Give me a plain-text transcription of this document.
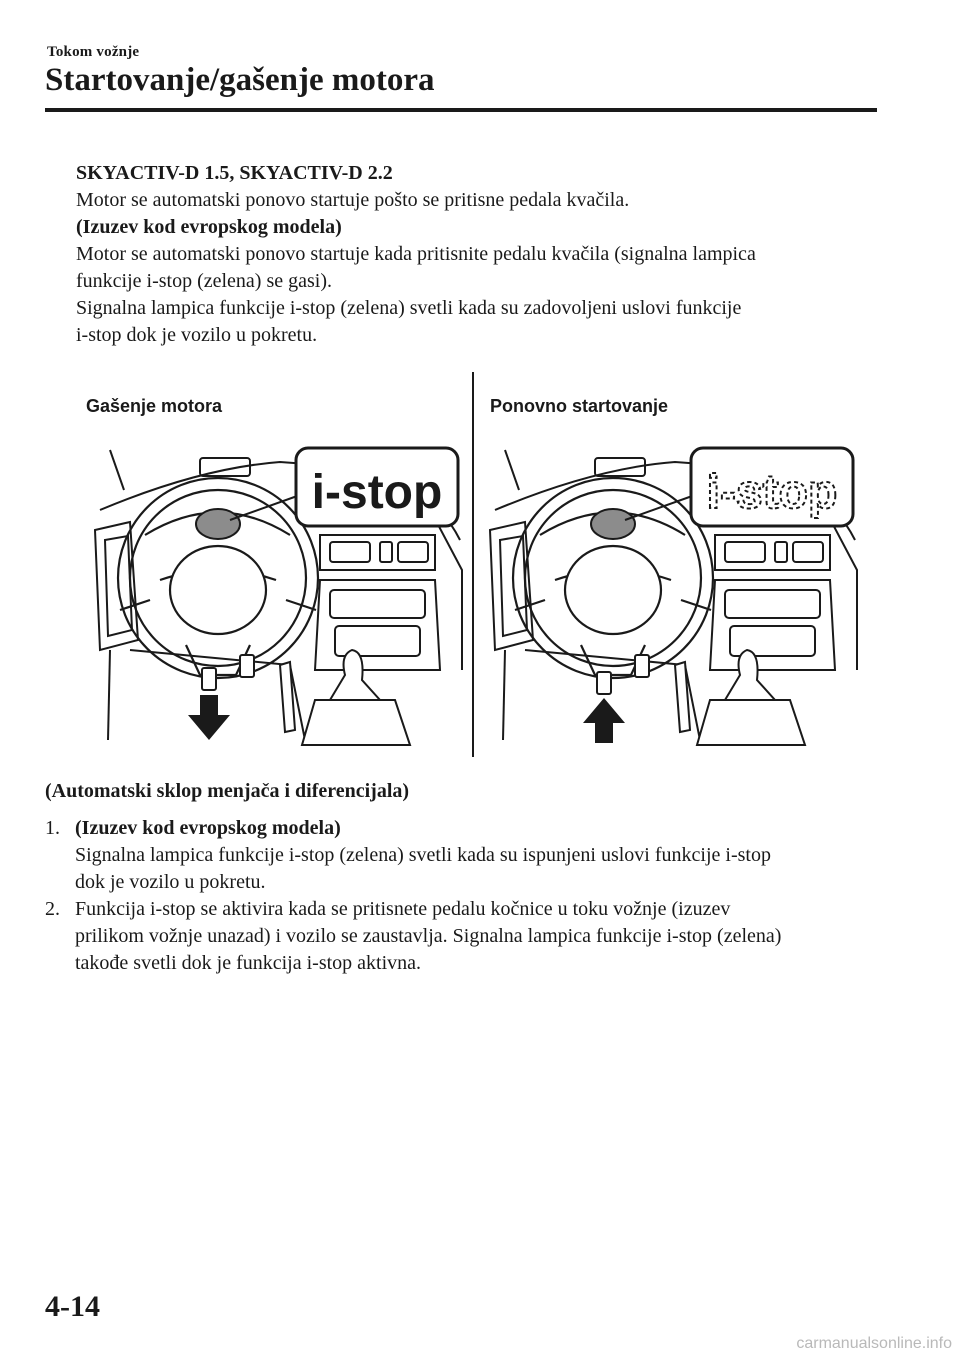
Tokom vožnje
Startovanje/gašenje motora

SKYACTIV-D 1.5, SKYACTIV-D 2.2

Motor se automatski ponovo startuje pošto se pritisne pedala kvačila.

(Izuzev kod evropskog modela)

Motor se automatski ponovo startuje kada pritisnite pedalu kvačila (signalna lampica

funkcije i-stop (zelena) se gasi).

Signalna lampica funkcije i-stop (zelena) svetli kada su zadovoljeni uslovi funkcije

i-stop dok je vozilo u pokretu.

Gašenje motora	Ponovno startovanje
i-stop	i-stop

(Automatski sklop menjača i diferencijala)

1. (Izuzev kod evropskog modela)

Signalna lampica funkcije i-stop (zelena) svetli kada su ispunjeni uslovi funkcije i-stop

dok je vozilo u pokretu.

2. Funkcija i-stop se aktivira kada se pritisnete pedalu kočnice u toku vožnje (izuzev

prilikom vožnje unazad) i vozilo se zaustavlja. Signalna lampica funkcije i-stop (zelena)

takođe svetli dok je funkcija i-stop aktivna.

4-14
carmanualsonline.info
